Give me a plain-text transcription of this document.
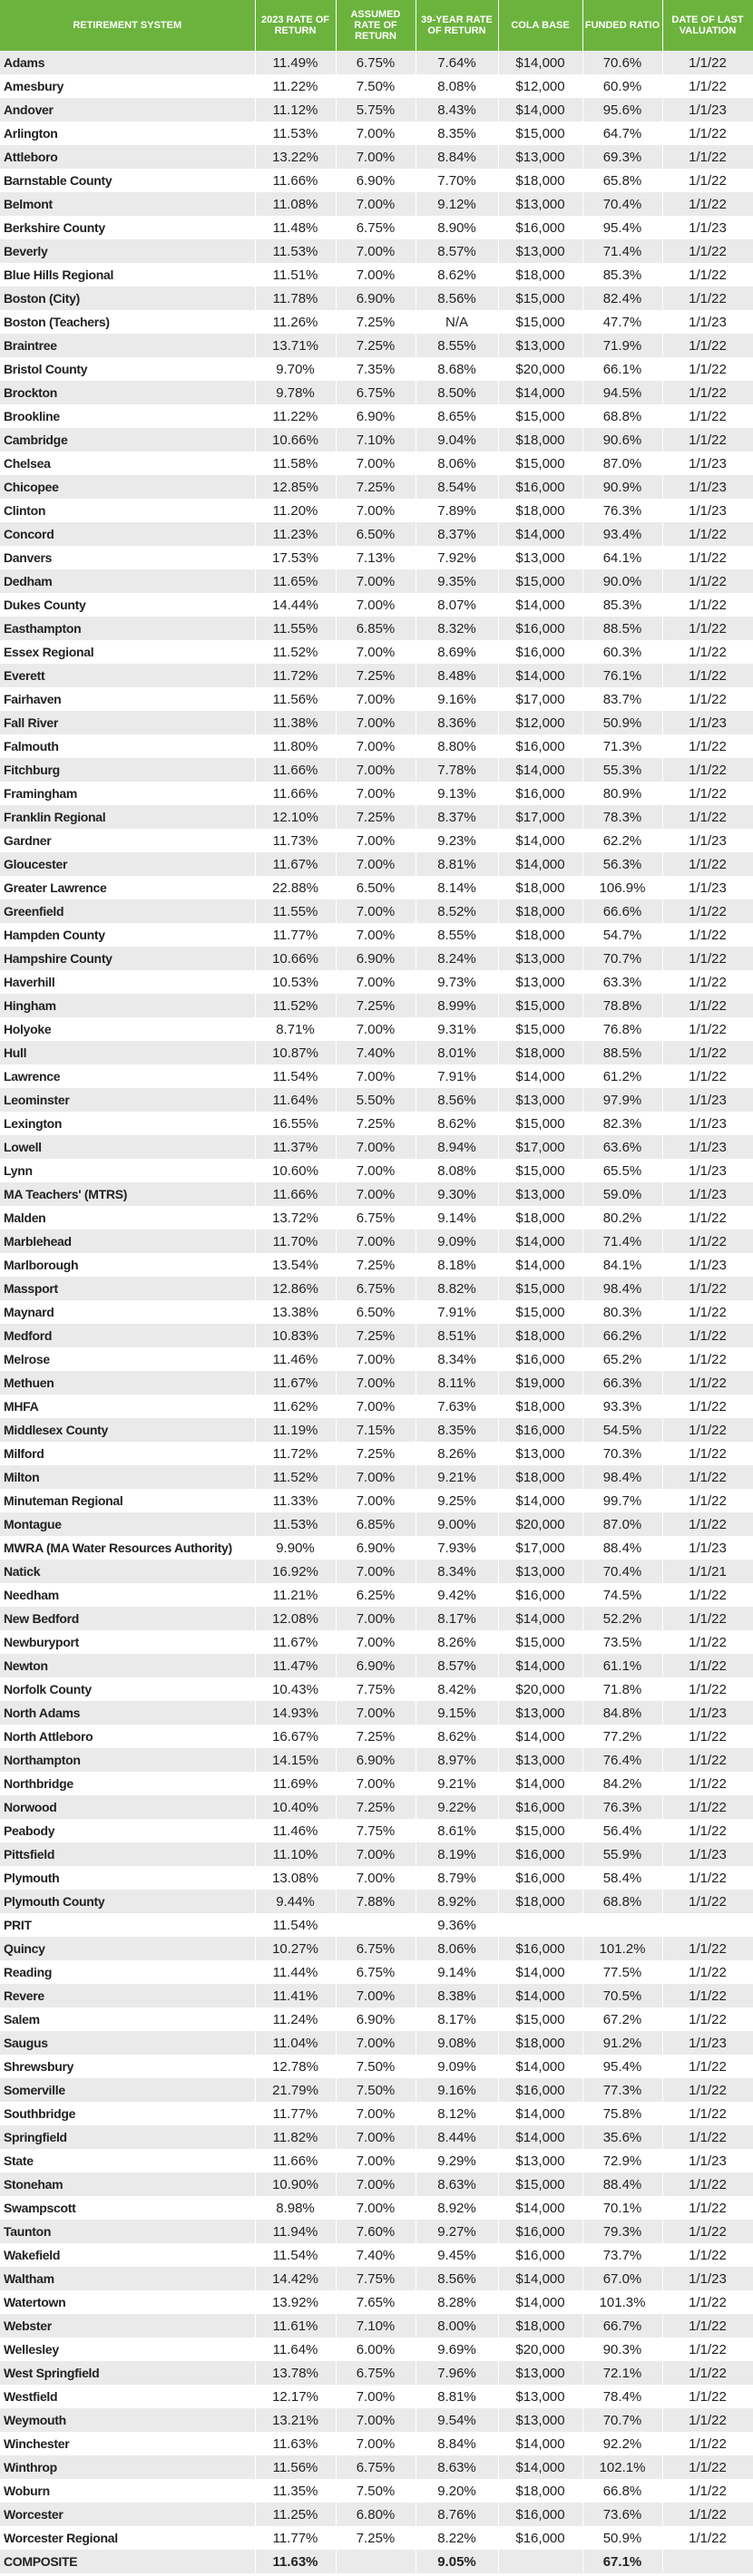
RETIREMENT SYSTEM	2023 RATE OF RETURN	ASSUMED RATE OF RETURN	39-YEAR RATE OF RETURN	COLA BASE	FUNDED RATIO	DATE OF LAST VALUATION
Adams	11.49%	6.75%	7.64%	$14,000	70.6%	1/1/22
Amesbury	11.22%	7.50%	8.08%	$12,000	60.9%	1/1/22
Andover	11.12%	5.75%	8.43%	$14,000	95.6%	1/1/23
Arlington	11.53%	7.00%	8.35%	$15,000	64.7%	1/1/22
Attleboro	13.22%	7.00%	8.84%	$13,000	69.3%	1/1/22
Barnstable County	11.66%	6.90%	7.70%	$18,000	65.8%	1/1/22
Belmont	11.08%	7.00%	9.12%	$13,000	70.4%	1/1/22
Berkshire County	11.48%	6.75%	8.90%	$16,000	95.4%	1/1/23
Beverly	11.53%	7.00%	8.57%	$13,000	71.4%	1/1/22
Blue Hills Regional	11.51%	7.00%	8.62%	$18,000	85.3%	1/1/22
Boston (City)	11.78%	6.90%	8.56%	$15,000	82.4%	1/1/22
Boston (Teachers)	11.26%	7.25%	N/A	$15,000	47.7%	1/1/23
Braintree	13.71%	7.25%	8.55%	$13,000	71.9%	1/1/22
Bristol County	9.70%	7.35%	8.68%	$20,000	66.1%	1/1/22
Brockton	9.78%	6.75%	8.50%	$14,000	94.5%	1/1/22
Brookline	11.22%	6.90%	8.65%	$15,000	68.8%	1/1/22
Cambridge	10.66%	7.10%	9.04%	$18,000	90.6%	1/1/22
Chelsea	11.58%	7.00%	8.06%	$15,000	87.0%	1/1/23
Chicopee	12.85%	7.25%	8.54%	$16,000	90.9%	1/1/23
Clinton	11.20%	7.00%	7.89%	$18,000	76.3%	1/1/23
Concord	11.23%	6.50%	8.37%	$14,000	93.4%	1/1/22
Danvers	17.53%	7.13%	7.92%	$13,000	64.1%	1/1/22
Dedham	11.65%	7.00%	9.35%	$15,000	90.0%	1/1/22
Dukes County	14.44%	7.00%	8.07%	$14,000	85.3%	1/1/22
Easthampton	11.55%	6.85%	8.32%	$16,000	88.5%	1/1/22
Essex Regional	11.52%	7.00%	8.69%	$16,000	60.3%	1/1/22
Everett	11.72%	7.25%	8.48%	$14,000	76.1%	1/1/22
Fairhaven	11.56%	7.00%	9.16%	$17,000	83.7%	1/1/22
Fall River	11.38%	7.00%	8.36%	$12,000	50.9%	1/1/23
Falmouth	11.80%	7.00%	8.80%	$16,000	71.3%	1/1/22
Fitchburg	11.66%	7.00%	7.78%	$14,000	55.3%	1/1/22
Framingham	11.66%	7.00%	9.13%	$16,000	80.9%	1/1/22
Franklin Regional	12.10%	7.25%	8.37%	$17,000	78.3%	1/1/22
Gardner	11.73%	7.00%	9.23%	$14,000	62.2%	1/1/23
Gloucester	11.67%	7.00%	8.81%	$14,000	56.3%	1/1/22
Greater Lawrence	22.88%	6.50%	8.14%	$18,000	106.9%	1/1/23
Greenfield	11.55%	7.00%	8.52%	$18,000	66.6%	1/1/22
Hampden County	11.77%	7.00%	8.55%	$18,000	54.7%	1/1/22
Hampshire County	10.66%	6.90%	8.24%	$13,000	70.7%	1/1/22
Haverhill	10.53%	7.00%	9.73%	$13,000	63.3%	1/1/22
Hingham	11.52%	7.25%	8.99%	$15,000	78.8%	1/1/22
Holyoke	8.71%	7.00%	9.31%	$15,000	76.8%	1/1/22
Hull	10.87%	7.40%	8.01%	$18,000	88.5%	1/1/22
Lawrence	11.54%	7.00%	7.91%	$14,000	61.2%	1/1/22
Leominster	11.64%	5.50%	8.56%	$13,000	97.9%	1/1/23
Lexington	16.55%	7.25%	8.62%	$15,000	82.3%	1/1/23
Lowell	11.37%	7.00%	8.94%	$17,000	63.6%	1/1/23
Lynn	10.60%	7.00%	8.08%	$15,000	65.5%	1/1/23
MA Teachers' (MTRS)	11.66%	7.00%	9.30%	$13,000	59.0%	1/1/23
Malden	13.72%	6.75%	9.14%	$18,000	80.2%	1/1/22
Marblehead	11.70%	7.00%	9.09%	$14,000	71.4%	1/1/22
Marlborough	13.54%	7.25%	8.18%	$14,000	84.1%	1/1/23
Massport	12.86%	6.75%	8.82%	$15,000	98.4%	1/1/22
Maynard	13.38%	6.50%	7.91%	$15,000	80.3%	1/1/22
Medford	10.83%	7.25%	8.51%	$18,000	66.2%	1/1/22
Melrose	11.46%	7.00%	8.34%	$16,000	65.2%	1/1/22
Methuen	11.67%	7.00%	8.11%	$19,000	66.3%	1/1/22
MHFA	11.62%	7.00%	7.63%	$18,000	93.3%	1/1/22
Middlesex County	11.19%	7.15%	8.35%	$16,000	54.5%	1/1/22
Milford	11.72%	7.25%	8.26%	$13,000	70.3%	1/1/22
Milton	11.52%	7.00%	9.21%	$18,000	98.4%	1/1/22
Minuteman Regional	11.33%	7.00%	9.25%	$14,000	99.7%	1/1/22
Montague	11.53%	6.85%	9.00%	$20,000	87.0%	1/1/22
MWRA (MA Water Resources Authority)	9.90%	6.90%	7.93%	$17,000	88.4%	1/1/23
Natick	16.92%	7.00%	8.34%	$13,000	70.4%	1/1/21
Needham	11.21%	6.25%	9.42%	$16,000	74.5%	1/1/22
New Bedford	12.08%	7.00%	8.17%	$14,000	52.2%	1/1/22
Newburyport	11.67%	7.00%	8.26%	$15,000	73.5%	1/1/22
Newton	11.47%	6.90%	8.57%	$14,000	61.1%	1/1/22
Norfolk County	10.43%	7.75%	8.42%	$20,000	71.8%	1/1/22
North Adams	14.93%	7.00%	9.15%	$13,000	84.8%	1/1/23
North Attleboro	16.67%	7.25%	8.62%	$14,000	77.2%	1/1/22
Northampton	14.15%	6.90%	8.97%	$13,000	76.4%	1/1/22
Northbridge	11.69%	7.00%	9.21%	$14,000	84.2%	1/1/22
Norwood	10.40%	7.25%	9.22%	$16,000	76.3%	1/1/22
Peabody	11.46%	7.75%	8.61%	$15,000	56.4%	1/1/22
Pittsfield	11.10%	7.00%	8.19%	$16,000	55.9%	1/1/23
Plymouth	13.08%	7.00%	8.79%	$16,000	58.4%	1/1/22
Plymouth County	9.44%	7.88%	8.92%	$18,000	68.8%	1/1/22
PRIT	11.54%		9.36%			
Quincy	10.27%	6.75%	8.06%	$16,000	101.2%	1/1/22
Reading	11.44%	6.75%	9.14%	$14,000	77.5%	1/1/22
Revere	11.41%	7.00%	8.38%	$14,000	70.5%	1/1/22
Salem	11.24%	6.90%	8.17%	$15,000	67.2%	1/1/22
Saugus	11.04%	7.00%	9.08%	$18,000	91.2%	1/1/23
Shrewsbury	12.78%	7.50%	9.09%	$14,000	95.4%	1/1/22
Somerville	21.79%	7.50%	9.16%	$16,000	77.3%	1/1/22
Southbridge	11.77%	7.00%	8.12%	$14,000	75.8%	1/1/22
Springfield	11.82%	7.00%	8.44%	$14,000	35.6%	1/1/22
State	11.66%	7.00%	9.29%	$13,000	72.9%	1/1/23
Stoneham	10.90%	7.00%	8.63%	$15,000	88.4%	1/1/22
Swampscott	8.98%	7.00%	8.92%	$14,000	70.1%	1/1/22
Taunton	11.94%	7.60%	9.27%	$16,000	79.3%	1/1/22
Wakefield	11.54%	7.40%	9.45%	$16,000	73.7%	1/1/22
Waltham	14.42%	7.75%	8.56%	$14,000	67.0%	1/1/23
Watertown	13.92%	7.65%	8.28%	$14,000	101.3%	1/1/22
Webster	11.61%	7.10%	8.00%	$18,000	66.7%	1/1/22
Wellesley	11.64%	6.00%	9.69%	$20,000	90.3%	1/1/22
West Springfield	13.78%	6.75%	7.96%	$13,000	72.1%	1/1/22
Westfield	12.17%	7.00%	8.81%	$13,000	78.4%	1/1/22
Weymouth	13.21%	7.00%	9.54%	$13,000	70.7%	1/1/22
Winchester	11.63%	7.00%	8.84%	$14,000	92.2%	1/1/22
Winthrop	11.56%	6.75%	8.63%	$14,000	102.1%	1/1/22
Woburn	11.35%	7.50%	9.20%	$18,000	66.8%	1/1/22
Worcester	11.25%	6.80%	8.76%	$16,000	73.6%	1/1/22
Worcester Regional	11.77%	7.25%	8.22%	$16,000	50.9%	1/1/22
COMPOSITE	11.63%		9.05%		67.1%	
